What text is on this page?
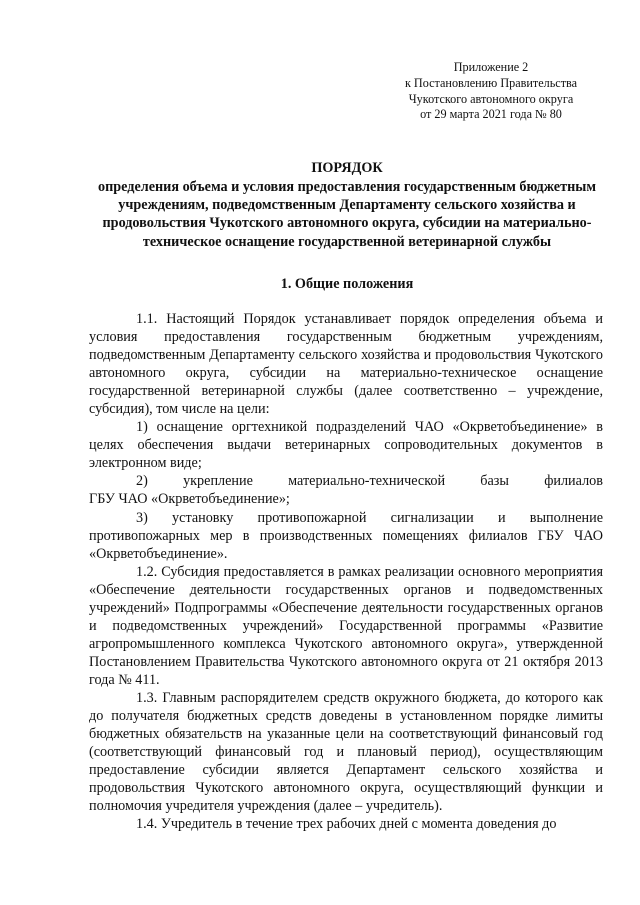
Приложение 2
к Постановлению Правительства
Чукотского автономного округа
от 29 марта 2021 года № 80
ПОРЯДОК
определения объема и условия предоставления государственным бюджетным учреждениям, подведомственным Департаменту сельского хозяйства и продовольствия Чукотского автономного округа, субсидии на материально-техническое оснащение государственной ветеринарной службы
1. Общие положения

1.1. Настоящий Порядок устанавливает порядок определения объема и условия предоставления государственным бюджетным учреждениям, подведомственным Департаменту сельского хозяйства и продовольствия Чукотского автономного округа, субсидии на материально-техническое оснащение государственной ветеринарной службы (далее соответственно – учреждение, субсидия), том числе на цели:

1) оснащение оргтехникой подразделений ЧАО «Окрветобъединение» в целях обеспечения выдачи ветеринарных сопроводительных документов в электронном виде;

2) укрепление материально-технической базы филиалов
ГБУ ЧАО «Окрветобъединение»;

3) установку противопожарной сигнализации и выполнение противопожарных мер в производственных помещениях филиалов ГБУ ЧАО «Окрветобъединение».

1.2. Субсидия предоставляется в рамках реализации основного мероприятия «Обеспечение деятельности государственных органов и подведомственных учреждений» Подпрограммы «Обеспечение деятельности государственных органов и подведомственных учреждений» Государственной программы «Развитие агропромышленного комплекса Чукотского автономного округа», утвержденной Постановлением Правительства Чукотского автономного округа от 21 октября 2013 года № 411.

1.3. Главным распорядителем средств окружного бюджета, до которого как до получателя бюджетных средств доведены в установленном порядке лимиты бюджетных обязательств на указанные цели на соответствующий финансовый год (соответствующий финансовый год и плановый период), осуществляющим предоставление субсидии является Департамент сельского хозяйства и продовольствия Чукотского автономного округа, осуществляющий функции и полномочия учредителя учреждения (далее – учредитель).

1.4. Учредитель в течение трех рабочих дней с момента доведения до
